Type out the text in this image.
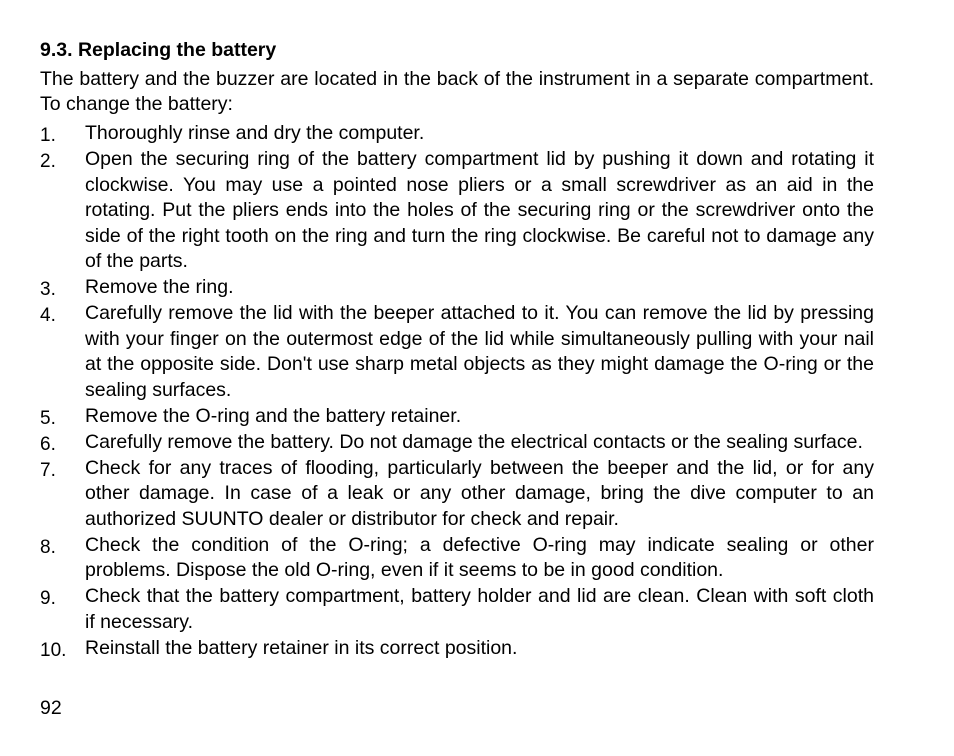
9.3. Replacing the battery
The battery and the buzzer are located in the back of the instrument in a separate compartment. To change the battery:
1. Thoroughly rinse and dry the computer.
2. Open the securing ring of the battery compartment lid by pushing it down and rotating it clockwise. You may use a pointed nose pliers or a small screwdriver as an aid in the rotating. Put the pliers ends into the holes of the securing ring or the screwdriver onto the side of the right tooth on the ring and turn the ring clockwise. Be careful not to damage any of the parts.
3. Remove the ring.
4. Carefully remove the lid with the beeper attached to it. You can remove the lid by pressing with your finger on the outermost edge of the lid while simultaneously pulling with your nail at the opposite side. Don't use sharp metal objects as they might damage the O-ring or the sealing surfaces.
5. Remove the O-ring and the battery retainer.
6. Carefully remove the battery. Do not damage the electrical contacts or the sealing surface.
7. Check for any traces of flooding, particularly between the beeper and the lid, or for any other damage. In case of a leak or any other damage, bring the dive computer to an authorized SUUNTO dealer or distributor for check and repair.
8. Check the condition of the O-ring; a defective O-ring may indicate sealing or other problems. Dispose the old O-ring, even if it seems to be in good condition.
9. Check that the battery compartment, battery holder and lid are clean. Clean with soft cloth if necessary.
10. Reinstall the battery retainer in its correct position.
92
